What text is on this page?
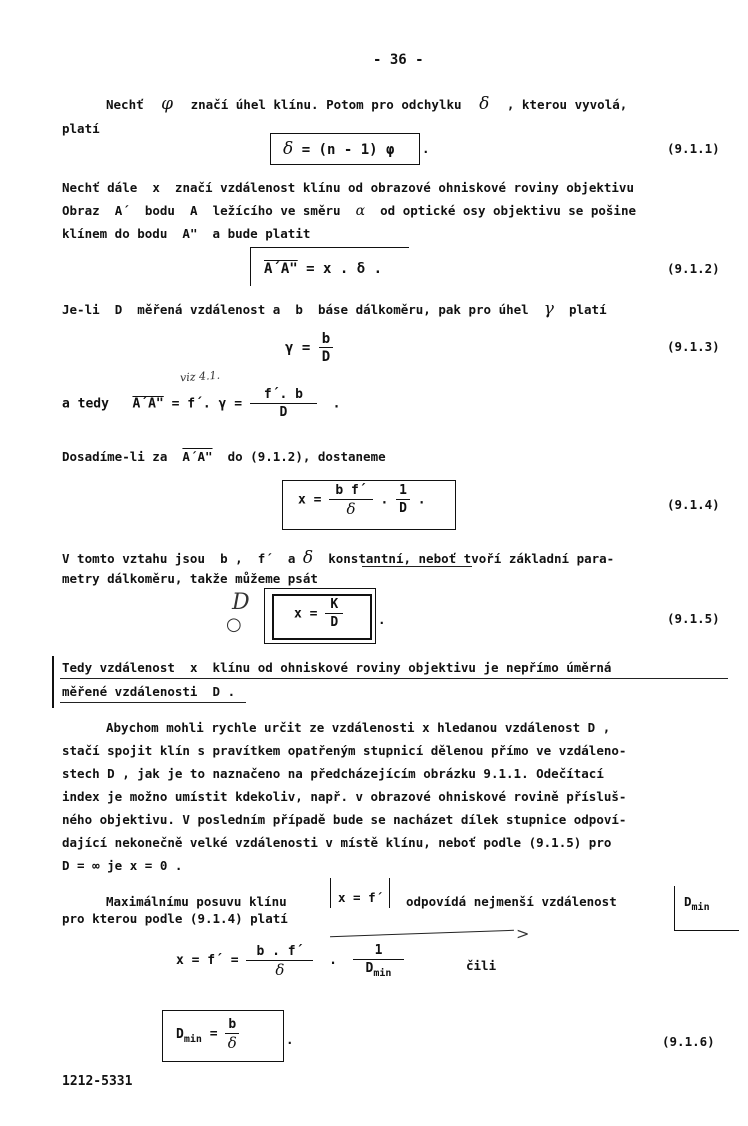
- 36 -
Nechť φ značí úhel klínu. Potom pro odchylku δ , kterou vyvolá,
platí
δ = (n - 1) φ .	(9.1.1)
Nechť dále x značí vzdálenost klínu od obrazové ohniskové roviny objektivu
Obraz A´ bodu A ležícího ve směru α od optické osy objektivu se pošine
klínem do bodu A" a bude platit
A´A" = x . δ .	(9.1.2)
Je-li D měřená vzdálenost a b báse dálkoměru, pak pro úhel γ platí
$\gamma = \frac{b}{D}$	(9.1.3)
viz 4.1.
a tedy A´A" = f´. $\gamma = \frac{f´. b}{D}$ .
Dosadíme-li za A´A" do (9.1.2), dostaneme
$x = \frac{\text{b f´}}{\delta}$ . $\frac{1}{D}$ .	(9.1.4)
V tomto vztahu jsou b , f´ a δ konstantní, neboť tvoří základní para-
metry dálkoměru, takže můžeme psát
D
○	$x = \frac{K}{D}$	.	(9.1.5)
Tedy vzdálenost x klínu od ohniskové roviny objektivu je nepřímo úměrná
měřené vzdálenosti D .
Abychom mohli rychle určit ze vzdálenosti x hledanou vzdálenost D ,
stačí spojit klín s pravítkem opatřeným stupnicí dělenou přímo ve vzdáleno-
stech D , jak je to naznačeno na předcházejícím obrázku 9.1.1. Odečítací
index je možno umístit kdekoliv, např. v obrazové ohniskové rovině přísluš-
ného objektivu. V posledním případě bude se nacházet dílek stupnice odpoví-
dající nekonečně velké vzdálenosti v místě klínu, neboť podle (9.1.5) pro
D = ∞ je x = 0 .
Maximálnímu posuvu klínu	x = f´ odpovídá nejmenší vzdálenost	$D_{min}$
pro kterou podle (9.1.4) platí
>
x = f´ = $\frac{b . f´}{\delta}$ . $\frac{1}{D_{min}}$	čili
$D_{min} = \frac{b}{\delta}$	.	(9.1.6)
1212-5331
